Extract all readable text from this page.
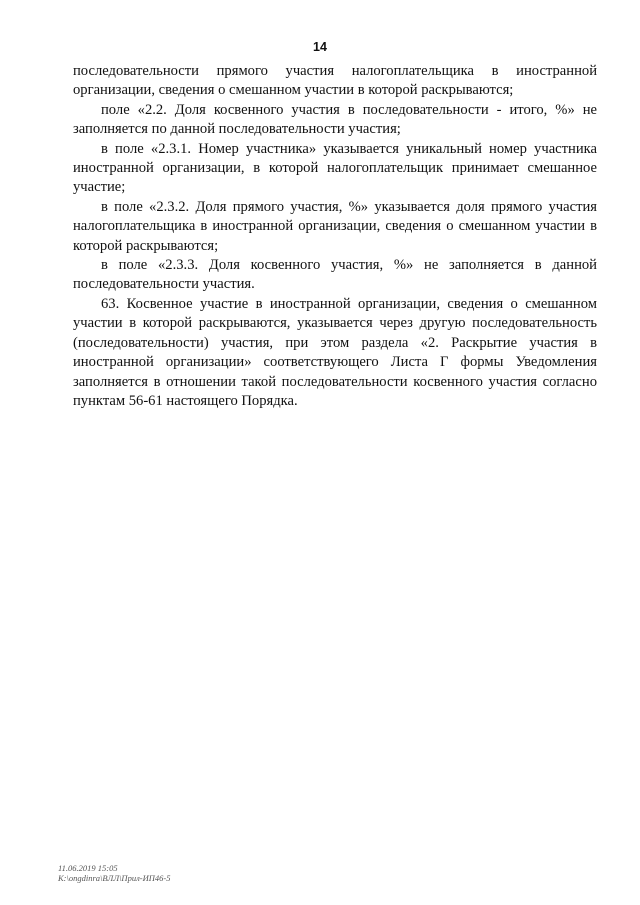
14

последовательности прямого участия налогоплательщика в иностранной организации, сведения о смешанном участии в которой раскрываются;

поле «2.2. Доля косвенного участия в последовательности - итого, %» не заполняется по данной последовательности участия;

в поле «2.3.1. Номер участника» указывается уникальный номер участника иностранной организации, в которой налогоплательщик принимает смешанное участие;

в поле «2.3.2. Доля прямого участия, %» указывается доля прямого участия налогоплательщика в иностранной организации, сведения о смешанном участии в которой раскрываются;

в поле «2.3.3. Доля косвенного участия, %» не заполняется в данной последовательности участия.

63. Косвенное участие в иностранной организации, сведения о смешанном участии в которой раскрываются, указывается через другую последовательность (последовательности) участия, при этом раздела «2. Раскрытие участия в иностранной организации» соответствующего Листа Г формы Уведомления заполняется в отношении такой последовательности косвенного участия согласно пунктам 56-61 настоящего Порядка.

11.06.2019 15:05
К:\ongdinra\ВЛЛ\Прил-ИП46-5
